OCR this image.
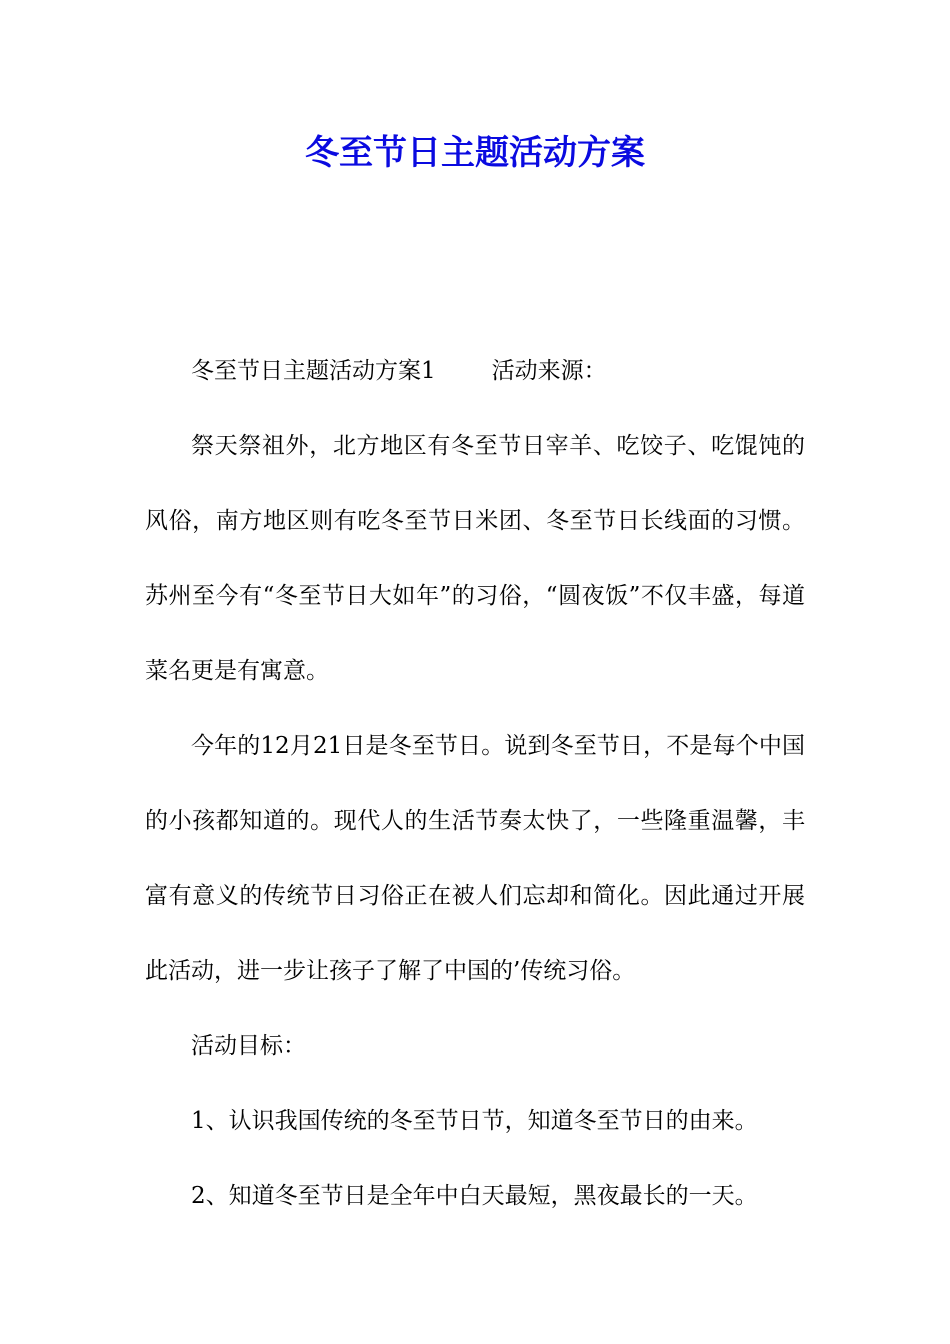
冬至节日主题活动方案

冬至节日主题活动方案1 活动来源：

祭天祭祖外，北方地区有冬至节日宰羊、吃饺子、吃馄饨的风俗，南方地区则有吃冬至节日米团、冬至节日长线面的习惯。苏州至今有“冬至节日大如年”的习俗，“圆夜饭”不仅丰盛，每道菜名更是有寓意。

今年的12月21日是冬至节日。说到冬至节日，不是每个中国的小孩都知道的。现代人的生活节奏太快了，一些隆重温馨，丰富有意义的传统节日习俗正在被人们忘却和简化。因此通过开展此活动，进一步让孩子了解了中国的’传统习俗。

活动目标：

1、认识我国传统的冬至节日节，知道冬至节日的由来。

2、知道冬至节日是全年中白天最短，黑夜最长的一天。
